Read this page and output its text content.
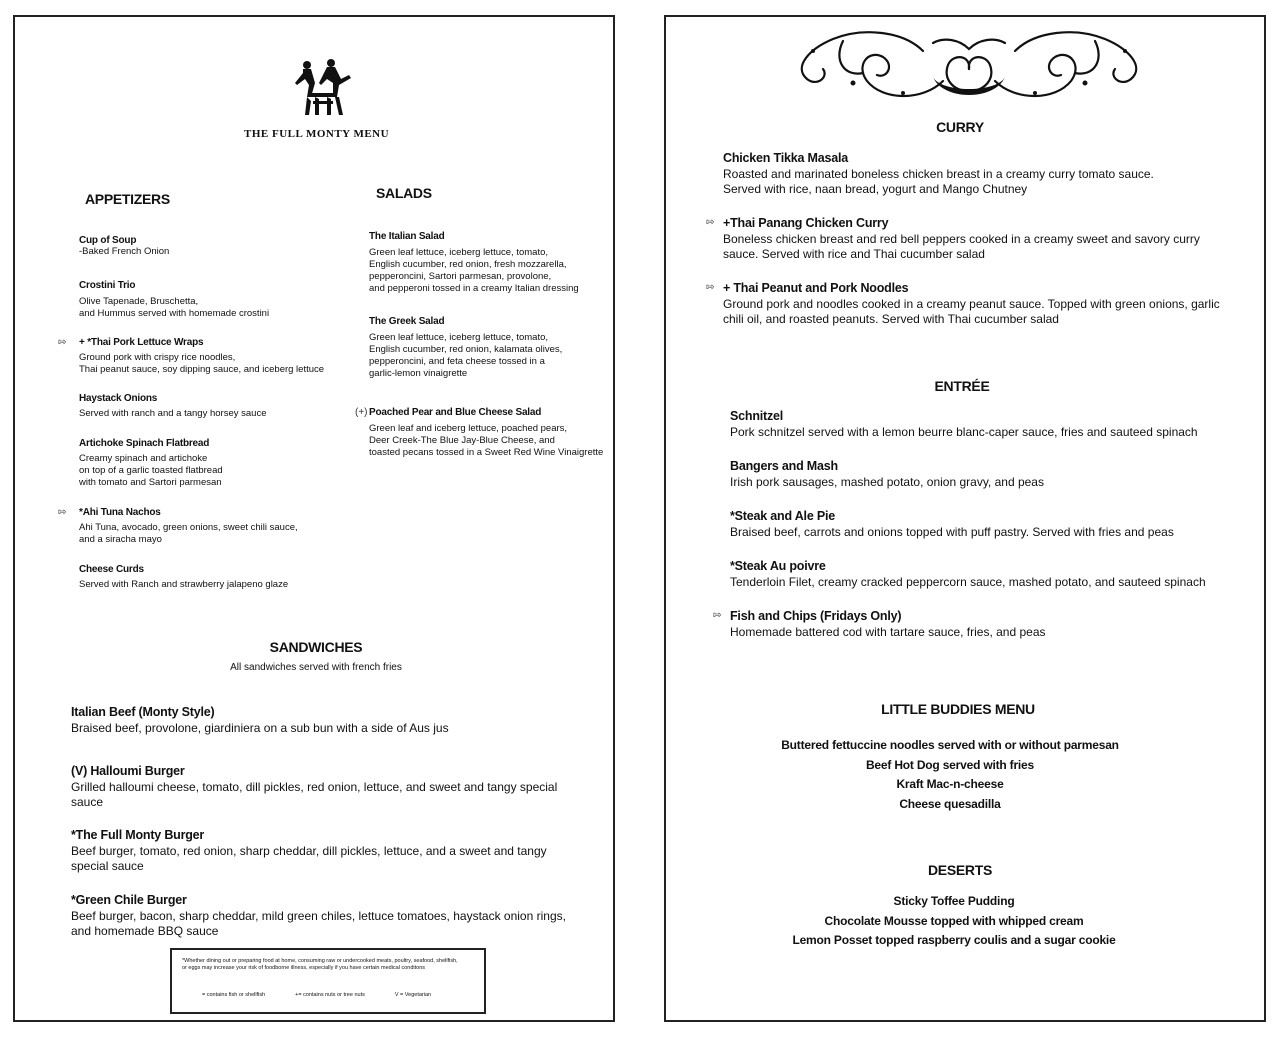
THE FULL MONTY MENU
APPETIZERS
Cup of Soup
-Baked French Onion
Crostini Trio
Olive Tapenade, Bruschetta,
and Hummus served with homemade crostini
⇰ + *Thai Pork Lettuce Wraps
Ground pork with crispy rice noodles,
Thai peanut sauce, soy dipping sauce, and iceberg lettuce
Haystack Onions
Served with ranch and a tangy horsey sauce
Artichoke Spinach Flatbread
Creamy spinach and artichoke
on top of a garlic toasted flatbread
with tomato and Sartori parmesan
⇰ *Ahi Tuna Nachos
Ahi Tuna, avocado, green onions, sweet chili sauce,
and a siracha mayo
Cheese Curds
Served with Ranch and strawberry jalapeno glaze
SALADS
The Italian Salad
Green leaf lettuce, iceberg lettuce, tomato,
English cucumber, red onion, fresh mozzarella,
pepperoncini, Sartori parmesan, provolone,
and pepperoni tossed in a creamy Italian dressing
The Greek Salad
Green leaf lettuce, iceberg lettuce, tomato,
English cucumber, red onion, kalamata olives,
pepperoncini, and feta cheese tossed in a
garlic-lemon vinaigrette
(+) Poached Pear and Blue Cheese Salad
Green leaf and iceberg lettuce, poached pears,
Deer Creek-The Blue Jay-Blue Cheese, and
toasted pecans tossed in a Sweet Red Wine Vinaigrette
SANDWICHES
All sandwiches served with french fries
Italian Beef (Monty Style)
Braised beef, provolone, giardiniera on a sub bun with a side of Aus jus
(V) Halloumi Burger
Grilled halloumi cheese, tomato, dill pickles, red onion, lettuce, and sweet and tangy special
sauce
*The Full Monty Burger
Beef burger, tomato, red onion, sharp cheddar, dill pickles, lettuce, and a sweet and tangy
special sauce
*Green Chile Burger
Beef burger, bacon, sharp cheddar, mild green chiles, lettuce tomatoes, haystack onion rings,
and homemade BBQ sauce
*Whether dining out or preparing food at home, consuming raw or undercooked meats, poultry, seafood, shellfish,
or eggs may increase your risk of foodborne illness, especially if you have certain medical conditons
= contains fish or shellfish	+= contains nuts or tree nuts	V = Vegetarian
CURRY
Chicken Tikka Masala
Roasted and marinated boneless chicken breast in a creamy curry tomato sauce.
Served with rice, naan bread, yogurt and Mango Chutney
⇰ +Thai Panang Chicken Curry
Boneless chicken breast and red bell peppers cooked in a creamy sweet and savory curry
sauce. Served with rice and Thai cucumber salad
⇰ + Thai Peanut and Pork Noodles
Ground pork and noodles cooked in a creamy peanut sauce. Topped with green onions, garlic
chili oil, and roasted peanuts. Served with Thai cucumber salad
ENTRÉE
Schnitzel
Pork schnitzel served with a lemon beurre blanc-caper sauce, fries and sauteed spinach
Bangers and Mash
Irish pork sausages, mashed potato, onion gravy, and peas
*Steak and Ale Pie
Braised beef, carrots and onions topped with puff pastry. Served with fries and peas
*Steak Au poivre
Tenderloin Filet, creamy cracked peppercorn sauce, mashed potato, and sauteed spinach
⇰ Fish and Chips (Fridays Only)
Homemade battered cod with tartare sauce, fries, and peas
LITTLE BUDDIES MENU
Buttered fettuccine noodles served with or without parmesan
Beef Hot Dog served with fries
Kraft Mac-n-cheese
Cheese quesadilla
DESERTS
Sticky Toffee Pudding
Chocolate Mousse topped with whipped cream
Lemon Posset topped raspberry coulis and a sugar cookie
